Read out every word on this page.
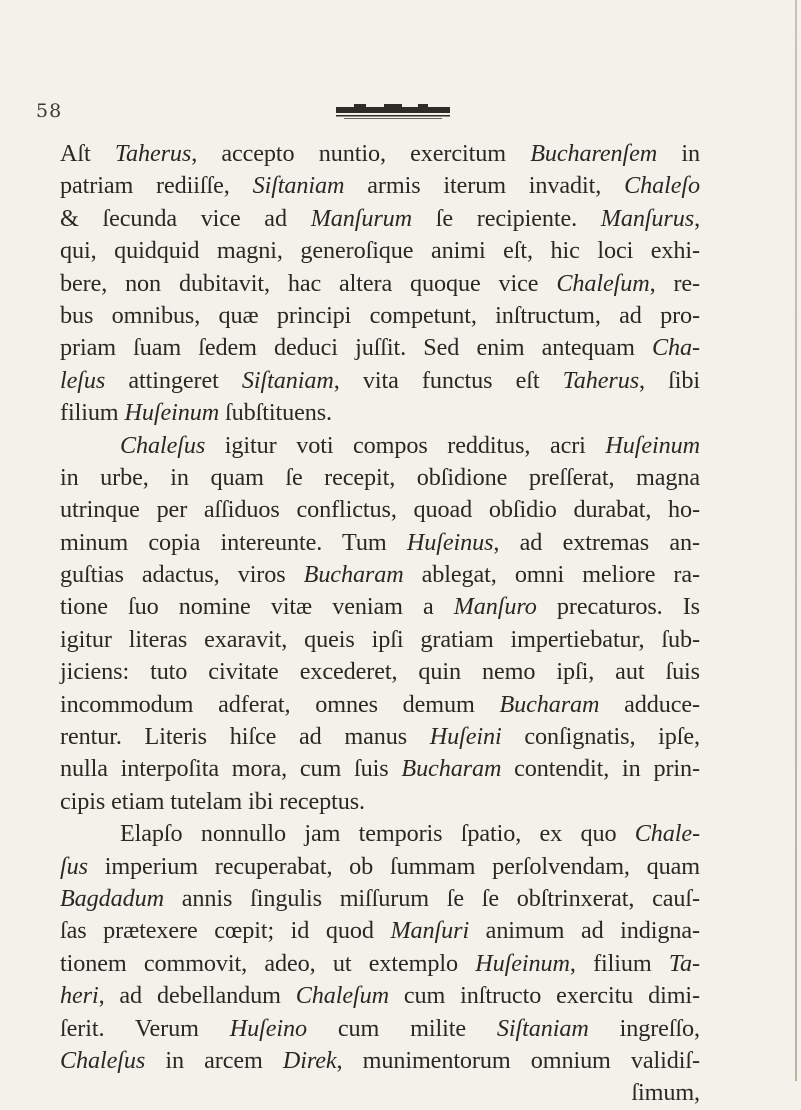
58
Aſt Taherus, accepto nuntio, exercitum Bucharenſem in
patriam rediiſſe, Siſtaniam armis iterum invadit, Chaleſo
& ſecunda vice ad Manſurum ſe recipiente. Manſurus,
qui, quidquid magni, generoſique animi eſt, hic loci exhi-
bere, non dubitavit, hac altera quoque vice Chaleſum, re-
bus omnibus, quæ principi competunt, inſtructum, ad pro-
priam ſuam ſedem deduci juſſit. Sed enim antequam Cha-
leſus attingeret Siſtaniam, vita functus eſt Taherus, ſibi
filium Huſeinum ſubſtituens.
Chaleſus igitur voti compos redditus, acri Huſeinum
in urbe, in quam ſe recepit, obſidione preſſerat, magna
utrinque per aſſiduos conflictus, quoad obſidio durabat, ho-
minum copia intereunte. Tum Huſeinus, ad extremas an-
guſtias adactus, viros Bucharam ablegat, omni meliore ra-
tione ſuo nomine vitæ veniam a Manſuro precaturos. Is
igitur literas exaravit, queis ipſi gratiam impertiebatur, ſub-
jiciens: tuto civitate excederet, quin nemo ipſi, aut ſuis
incommodum adferat, omnes demum Bucharam adduce-
rentur. Literis hiſce ad manus Huſeini conſignatis, ipſe,
nulla interpoſita mora, cum ſuis Bucharam contendit, in prin-
cipis etiam tutelam ibi receptus.
Elapſo nonnullo jam temporis ſpatio, ex quo Chale-
ſus imperium recuperabat, ob ſummam perſolvendam, quam
Bagdadum annis ſingulis miſſurum ſe ſe obſtrinxerat, cauſ-
ſas prætexere cœpit; id quod Manſuri animum ad indigna-
tionem commovit, adeo, ut extemplo Huſeinum, filium Ta-
heri, ad debellandum Chaleſum cum inſtructo exercitu dimi-
ſerit. Verum Huſeino cum milite Siſtaniam ingreſſo,
Chaleſus in arcem Direk, munimentorum omnium validiſ-
ſimum,
